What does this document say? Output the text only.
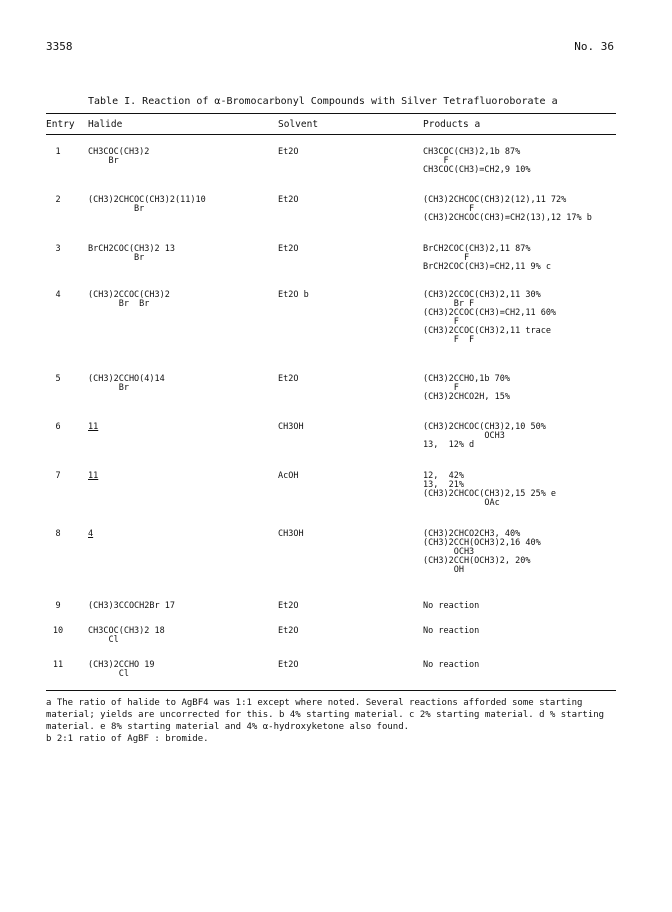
3358	No. 36
Table I. Reaction of α-Bromocarbonyl Compounds with Silver Tetrafluoroborate a
Entry Halide	Solvent	Products a
1	CH3COC(CH3)2
Br
Et2O	CH3COC(CH3)2,1b 87%
F
CH3COC(CH3)=CH2,9 10%
2	(CH3)2CHCOC(CH3)2(11)10
Br
Et2O	(CH3)2CHCOC(CH3)2(12),11 72%
F
(CH3)2CHCOC(CH3)=CH2(13),12 17% b
3	BrCH2COC(CH3)2 13
Br
Et2O	BrCH2COC(CH3)2,11 87%
F
BrCH2COC(CH3)=CH2,11 9% c
4	(CH3)2CCOC(CH3)2
Br  Br
Et2O b	(CH3)2CCOC(CH3)2,11 30%
Br F
(CH3)2CCOC(CH3)=CH2,11 60%
F
(CH3)2CCOC(CH3)2,11 trace
F  F
5	(CH3)2CCHO(4)14
Br
Et2O	(CH3)2CCHO,1b 70%
F
(CH3)2CHCO2H, 15%
6	11	CH3OH	(CH3)2CHCOC(CH3)2,10 50%
OCH3
13,  12% d
7	11	AcOH	12,  42%
13,  21%
(CH3)2CHCOC(CH3)2,15 25% e
OAc
8	4	CH3OH	(CH3)2CHCO2CH3, 40%
(CH3)2CCH(OCH3)2,16 40%
OCH3
(CH3)2CCH(OCH3)2, 20%
OH
9	(CH3)3CCOCH2Br 17	Et2O	No reaction
10	CH3COC(CH3)2 18
Cl
Et2O	No reaction
11	(CH3)2CCHO 19
Cl
Et2O	No reaction

a The ratio of halide to AgBF4 was 1:1 except where noted. Several reactions afforded some starting material; yields are uncorrected for this. b 4% starting material. c 2% starting material. d % starting material. e 8% starting material and 4% α-hydroxyketone also found.

b 2:1 ratio of AgBF : bromide.
